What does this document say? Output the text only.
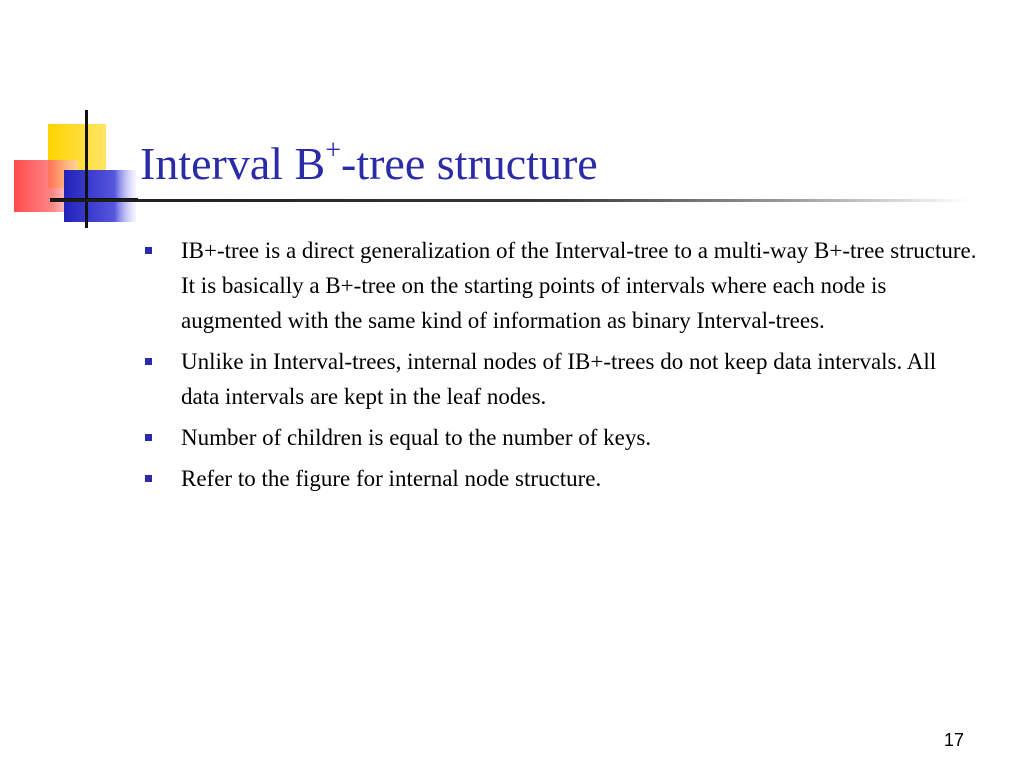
Interval B+-tree structure
IB+-tree is a direct generalization of the Interval-tree to a multi-way B+-tree structure. It is basically a B+-tree on the starting points of intervals where each node is augmented with the same kind of information as binary Interval-trees.
Unlike in Interval-trees, internal nodes of IB+-trees do not keep data intervals. All data intervals are kept in the leaf nodes.
Number of children is equal to the number of keys.
Refer to the figure for internal node structure.
17
